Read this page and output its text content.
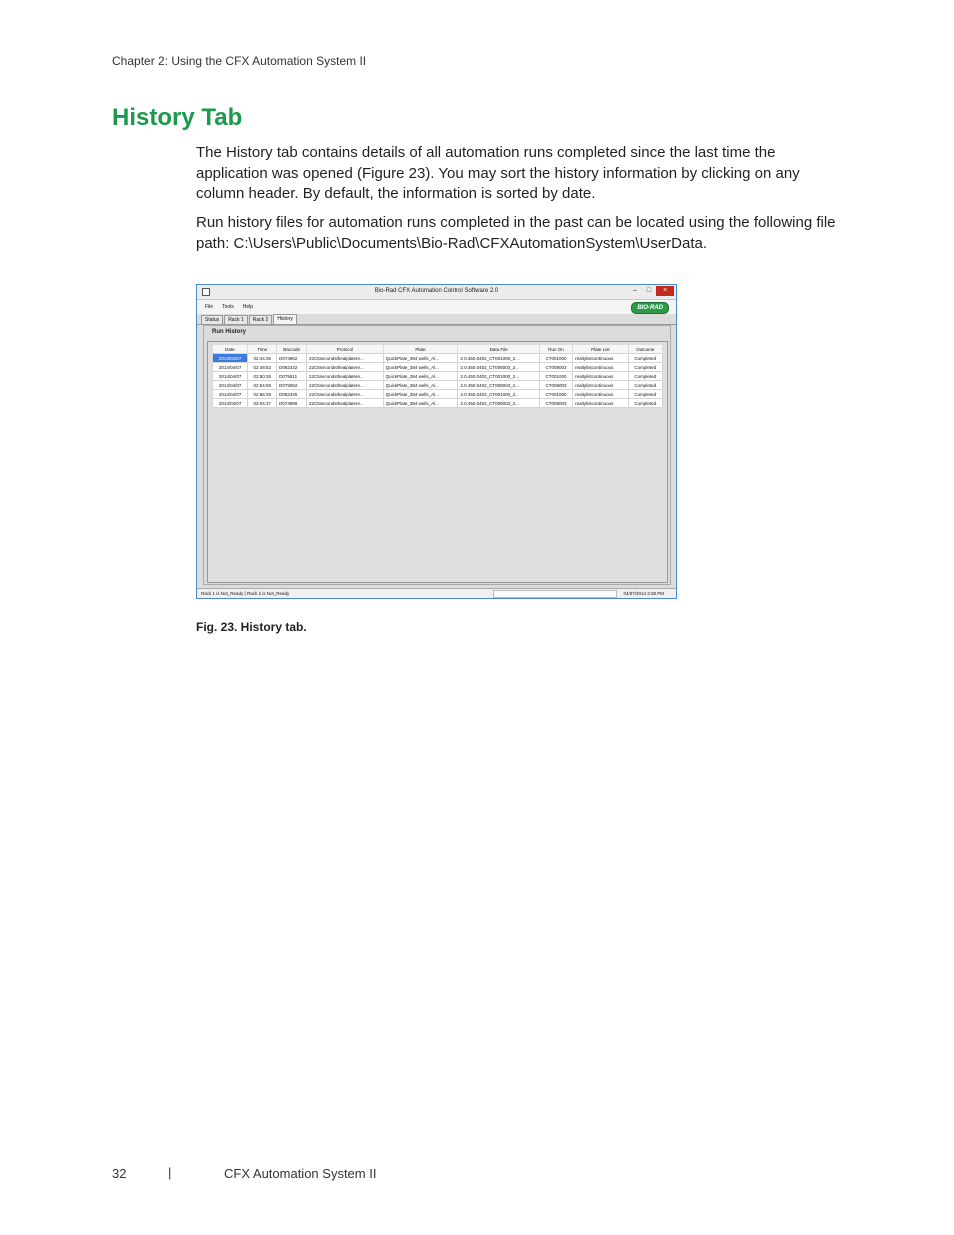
Chapter 2: Using the CFX Automation System II
History Tab

The History tab contains details of all automation runs completed since the last time the application was opened (Figure 23). You may sort the history information by clicking on any column header. By default, the information is sorted by date.

Run history files for automation runs completed in the past can be located using the following file path: C:\Users\Public\Documents\Bio-Rad\CFXAutomationSystem\UserData.

Bio-Rad CFX Automation Control Software 2.0	–	□	×
File Tools Help	BIO-RAD
Status	Rack 1	Rack 2	History
Run History
Date	Time	Barcode	Protocol	Plate	Data File	Run On	Plate List	Outcome
2014/04/07	02:44:36	D074862	22C5secondsthealplatere...	QuickPlate_384 wells_Al...	2.0.450.0402_CT001000_2...	CT001000	realtylistcontinuous	Completed
2014/04/07	02:48:52	D082342	22C5secondsthealplatere...	QuickPlate_384 wells_Al...	2.0.450.0402_CT008003_2...	CT008003	realtylistcontinuous	Completed
2014/04/07	02:50:26	D075911	22C5secondsthealplatere...	QuickPlate_384 wells_Al...	2.0.450.0402_CT001000_2...	CT001000	realtylistcontinuous	Completed
2014/04/07	02:54:59	D075952	22C5secondsthealplatere...	QuickPlate_384 wells_Al...	2.0.450.0402_CT008003_2...	CT008003	realtylistcontinuous	Completed
2014/04/07	02:56:25	D082325	22C5secondsthealplatere...	QuickPlate_384 wells_Al...	2.0.450.0402_CT001000_2...	CT001000	realtylistcontinuous	Completed
2014/04/07	03:04:37	D074889	22C5secondsthealplatere...	QuickPlate_384 wells_Al...	2.0.450.0402_CT008003_2...	CT008003	realtylistcontinuous	Completed
Rack 1 is Not_Ready | Rack 2 is Not_Ready	04/07/2014 3:38 PM
Fig. 23. History tab.
32	|	CFX Automation System II
